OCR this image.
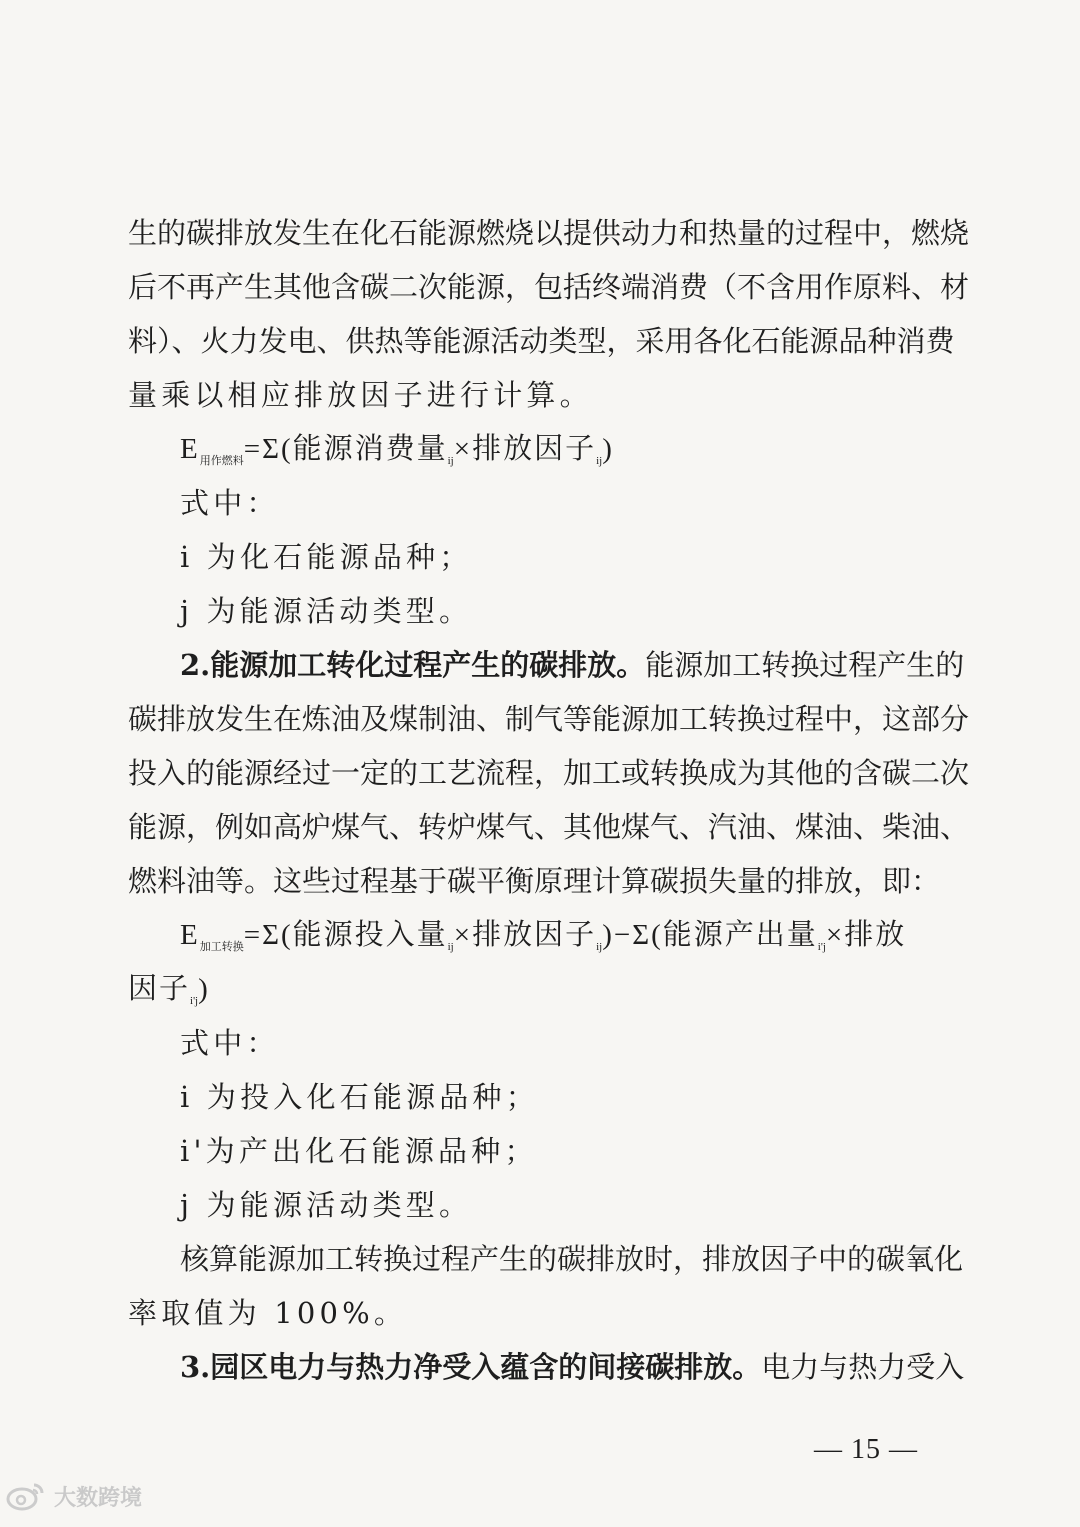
生的碳排放发生在化石能源燃烧以提供动力和热量的过程中，燃烧
后不再产生其他含碳二次能源，包括终端消费（不含用作原料、材
料）、火力发电、供热等能源活动类型，采用各化石能源品种消费
量乘以相应排放因子进行计算。
$E_{用作燃料}=\Sigma$(能源消费量$_{ij}$×排放因子$_{ij}$)
式中：
i 为化石能源品种；
j 为能源活动类型。
2.能源加工转化过程产生的碳排放。能源加工转换过程产生的
碳排放发生在炼油及煤制油、制气等能源加工转换过程中，这部分
投入的能源经过一定的工艺流程，加工或转换成为其他的含碳二次
能源，例如高炉煤气、转炉煤气、其他煤气、汽油、煤油、柴油、
燃料油等。这些过程基于碳平衡原理计算碳损失量的排放，即：
$E_{加工转换}=\Sigma$(能源投入量$_{ij}$×排放因子$_{ij}$)−Σ(能源产出量$_{i'j}$×排放
因子$_{i'j}$)
式中：
i 为投入化石能源品种；
i'为产出化石能源品种；
j 为能源活动类型。
核算能源加工转换过程产生的碳排放时，排放因子中的碳氧化
率取值为 100%。
3.园区电力与热力净受入蕴含的间接碳排放。电力与热力受入
— 15 —
大数跨境
